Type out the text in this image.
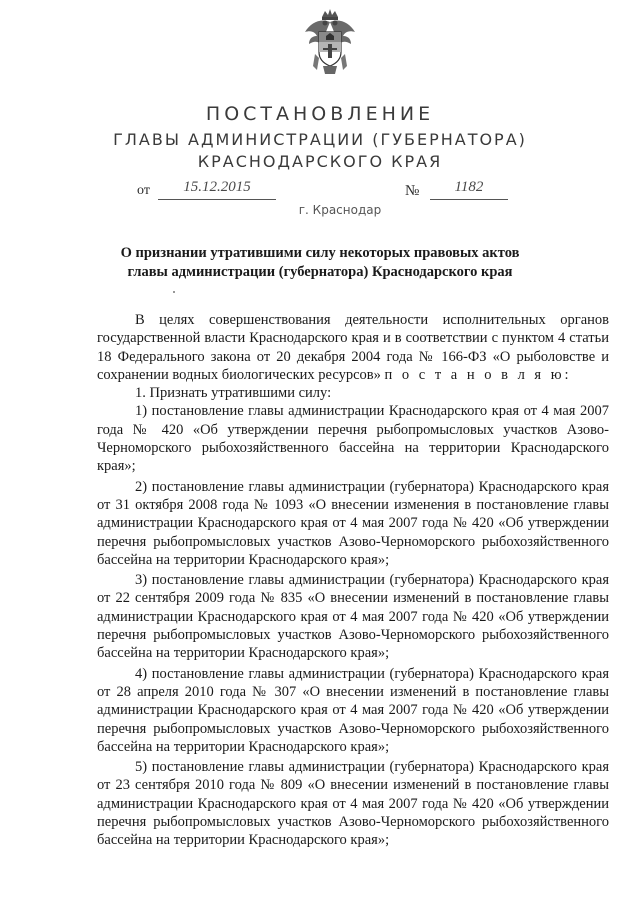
ПОСТАНОВЛЕНИЕ
ГЛАВЫ АДМИНИСТРАЦИИ (ГУБЕРНАТОРА)
КРАСНОДАРСКОГО КРАЯ
от	15.12.2015	№	1182
г. Краснодар
О признании утратившими силу некоторых правовых актов
главы администрации (губернатора) Краснодарского края

В целях совершенствования деятельности исполнительных органов государственной власти Краснодарского края и в соответствии с пунктом 4 статьи 18 Федерального закона от 20 декабря 2004 года № 166-ФЗ «О рыболовстве и сохранении водных биологических ресурсов» п о с т а н о в л я ю:

1. Признать утратившими силу:

1) постановление главы администрации Краснодарского края от 4 мая 2007 года № 420 «Об утверждении перечня рыбопромысловых участков Азово-Черноморского рыбохозяйственного бассейна на территории Краснодарского края»;

2) постановление главы администрации (губернатора) Краснодарского края от 31 октября 2008 года № 1093 «О внесении изменения в постановление главы администрации Краснодарского края от 4 мая 2007 года № 420 «Об утверждении перечня рыбопромысловых участков Азово-Черноморского рыбохозяйственного бассейна на территории Краснодарского края»;

3) постановление главы администрации (губернатора) Краснодарского края от 22 сентября 2009 года № 835 «О внесении изменений в постановление главы администрации Краснодарского края от 4 мая 2007 года № 420 «Об утверждении перечня рыбопромысловых участков Азово-Черноморского рыбохозяйственного бассейна на территории Краснодарского края»;

4) постановление главы администрации (губернатора) Краснодарского края от 28 апреля 2010 года № 307 «О внесении изменений в постановление главы администрации Краснодарского края от 4 мая 2007 года № 420 «Об утверждении перечня рыбопромысловых участков Азово-Черноморского рыбохозяйственного бассейна на территории Краснодарского края»;

5) постановление главы администрации (губернатора) Краснодарского края от 23 сентября 2010 года № 809 «О внесении изменений в постановление главы администрации Краснодарского края от 4 мая 2007 года № 420 «Об утверждении перечня рыбопромысловых участков Азово-Черноморского рыбохозяйственного бассейна на территории Краснодарского края»;
